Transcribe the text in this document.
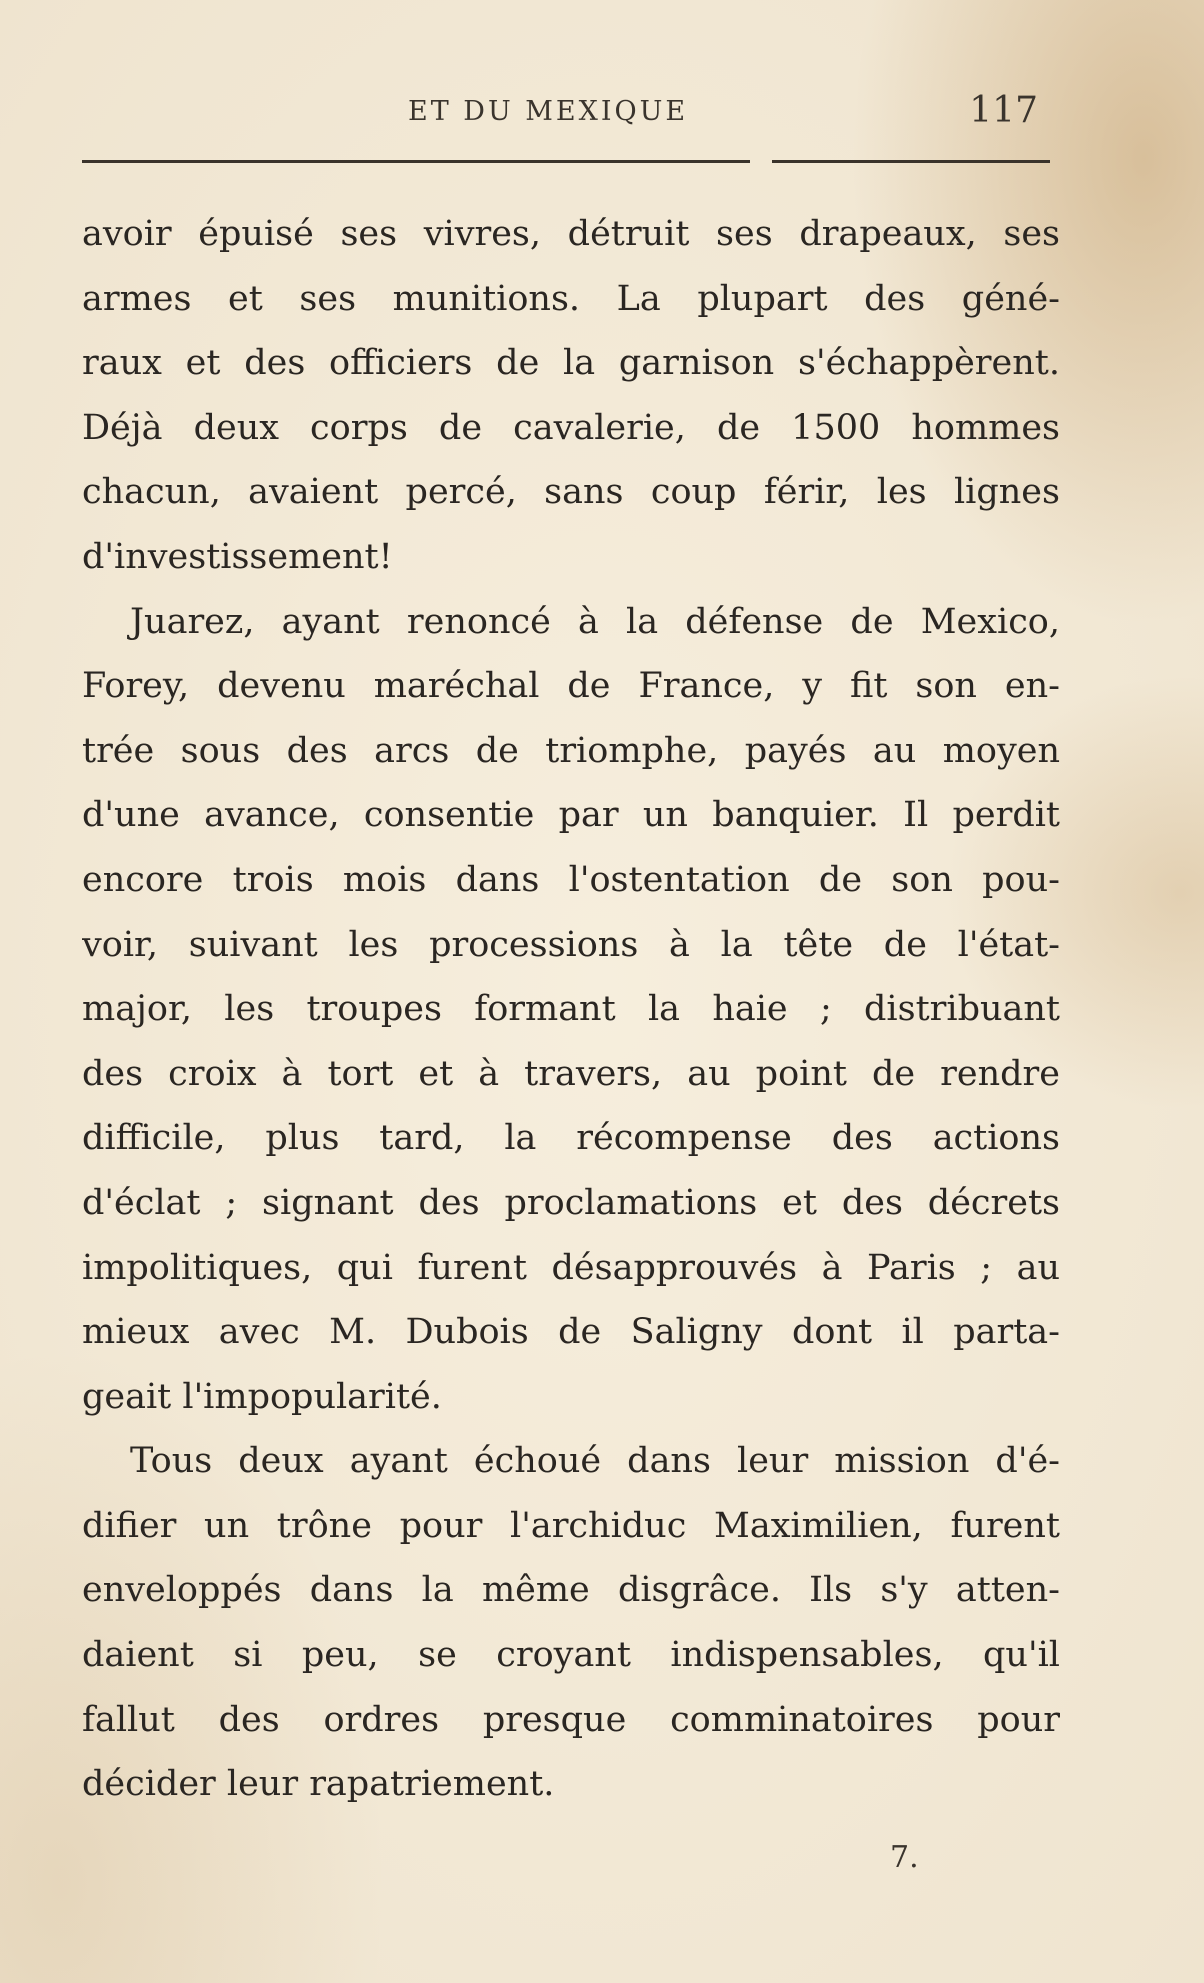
ET DU MEXIQUE	117
avoir épuisé ses vivres, détruit ses drapeaux, ses
armes et ses munitions. La plupart des géné-
raux et des officiers de la garnison s'échappèrent.
Déjà deux corps de cavalerie, de 1500 hommes
chacun, avaient percé, sans coup férir, les lignes
d'investissement!
Juarez, ayant renoncé à la défense de Mexico,
Forey, devenu maréchal de France, y fit son en-
trée sous des arcs de triomphe, payés au moyen
d'une avance, consentie par un banquier. Il perdit
encore trois mois dans l'ostentation de son pou-
voir, suivant les processions à la tête de l'état-
major, les troupes formant la haie ; distribuant
des croix à tort et à travers, au point de rendre
difficile, plus tard, la récompense des actions
d'éclat ; signant des proclamations et des décrets
impolitiques, qui furent désapprouvés à Paris ; au
mieux avec M. Dubois de Saligny dont il parta-
geait l'impopularité.
Tous deux ayant échoué dans leur mission d'é-
difier un trône pour l'archiduc Maximilien, furent
enveloppés dans la même disgrâce. Ils s'y atten-
daient si peu, se croyant indispensables, qu'il
fallut des ordres presque comminatoires pour
décider leur rapatriement.
7.
